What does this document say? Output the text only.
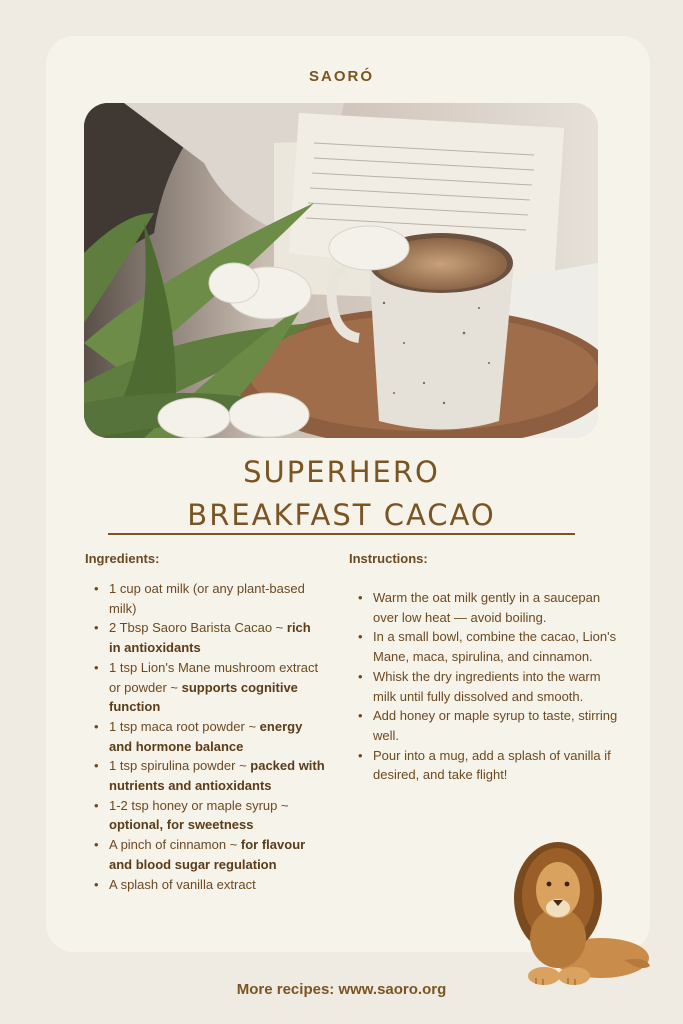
SAORÓ
SUPERHERO
BREAKFAST CACAO
Ingredients:	Instructions:
• 1 cup oat milk (or any plant-based milk)
• 2 Tbsp Saoro Barista Cacao ~ rich in antioxidants
• 1 tsp Lion's Mane mushroom extract or powder ~ supports cognitive function
• 1 tsp maca root powder ~ energy and hormone balance
• 1 tsp spirulina powder ~ packed with nutrients and antioxidants
• 1-2 tsp honey or maple syrup ~ optional, for sweetness
• A pinch of cinnamon ~ for flavour and blood sugar regulation
• A splash of vanilla extract
• Warm the oat milk gently in a saucepan over low heat — avoid boiling.
• In a small bowl, combine the cacao, Lion's Mane, maca, spirulina, and cinnamon.
• Whisk the dry ingredients into the warm milk until fully dissolved and smooth.
• Add honey or maple syrup to taste, stirring well.
• Pour into a mug, add a splash of vanilla if desired, and take flight!
More recipes: www.saoro.org
